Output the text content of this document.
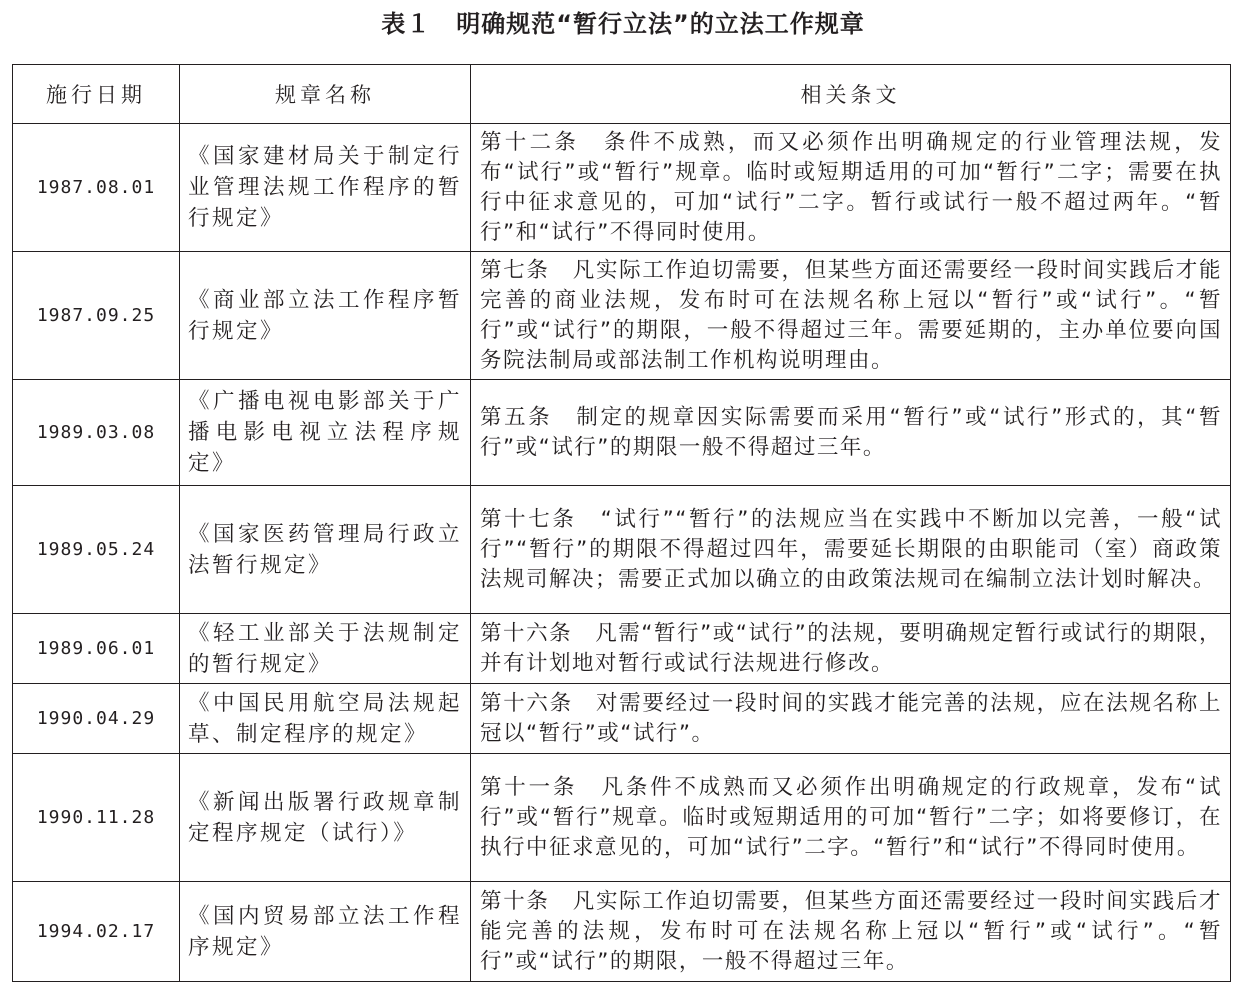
表１　明确规范“暂行立法”的立法工作规章
施行日期	规章名称	相关条文
1987.08.01	《国家建材局关于制定行业管理法规工作程序的暂行规定》	第十二条　条件不成熟，而又必须作出明确规定的行业管理法规，发布“试行”或“暂行”规章。临时或短期适用的可加“暂行”二字；需要在执行中征求意见的，可加“试行”二字。暂行或试行一般不超过两年。“暂行”和“试行”不得同时使用。
1987.09.25	《商业部立法工作程序暂行规定》	第七条　凡实际工作迫切需要，但某些方面还需要经一段时间实践后才能完善的商业法规，发布时可在法规名称上冠以“暂行”或“试行”。“暂行”或“试行”的期限，一般不得超过三年。需要延期的，主办单位要向国务院法制局或部法制工作机构说明理由。
1989.03.08	《广播电视电影部关于广播电影电视立法程序规定》	第五条　制定的规章因实际需要而采用“暂行”或“试行”形式的，其“暂行”或“试行”的期限一般不得超过三年。
1989.05.24	《国家医药管理局行政立法暂行规定》	第十七条　“试行”“暂行”的法规应当在实践中不断加以完善，一般“试行”“暂行”的期限不得超过四年，需要延长期限的由职能司（室）商政策法规司解决；需要正式加以确立的由政策法规司在编制立法计划时解决。
1989.06.01	《轻工业部关于法规制定的暂行规定》	第十六条　凡需“暂行”或“试行”的法规，要明确规定暂行或试行的期限，并有计划地对暂行或试行法规进行修改。
1990.04.29	《中国民用航空局法规起草、制定程序的规定》	第十六条　对需要经过一段时间的实践才能完善的法规，应在法规名称上冠以“暂行”或“试行”。
1990.11.28	《新闻出版署行政规章制定程序规定（试行）》	第十一条　凡条件不成熟而又必须作出明确规定的行政规章，发布“试行”或“暂行”规章。临时或短期适用的可加“暂行”二字；如将要修订，在执行中征求意见的，可加“试行”二字。“暂行”和“试行”不得同时使用。
1994.02.17	《国内贸易部立法工作程序规定》	第十条　凡实际工作迫切需要，但某些方面还需要经过一段时间实践后才能完善的法规，发布时可在法规名称上冠以“暂行”或“试行”。“暂行”或“试行”的期限，一般不得超过三年。
